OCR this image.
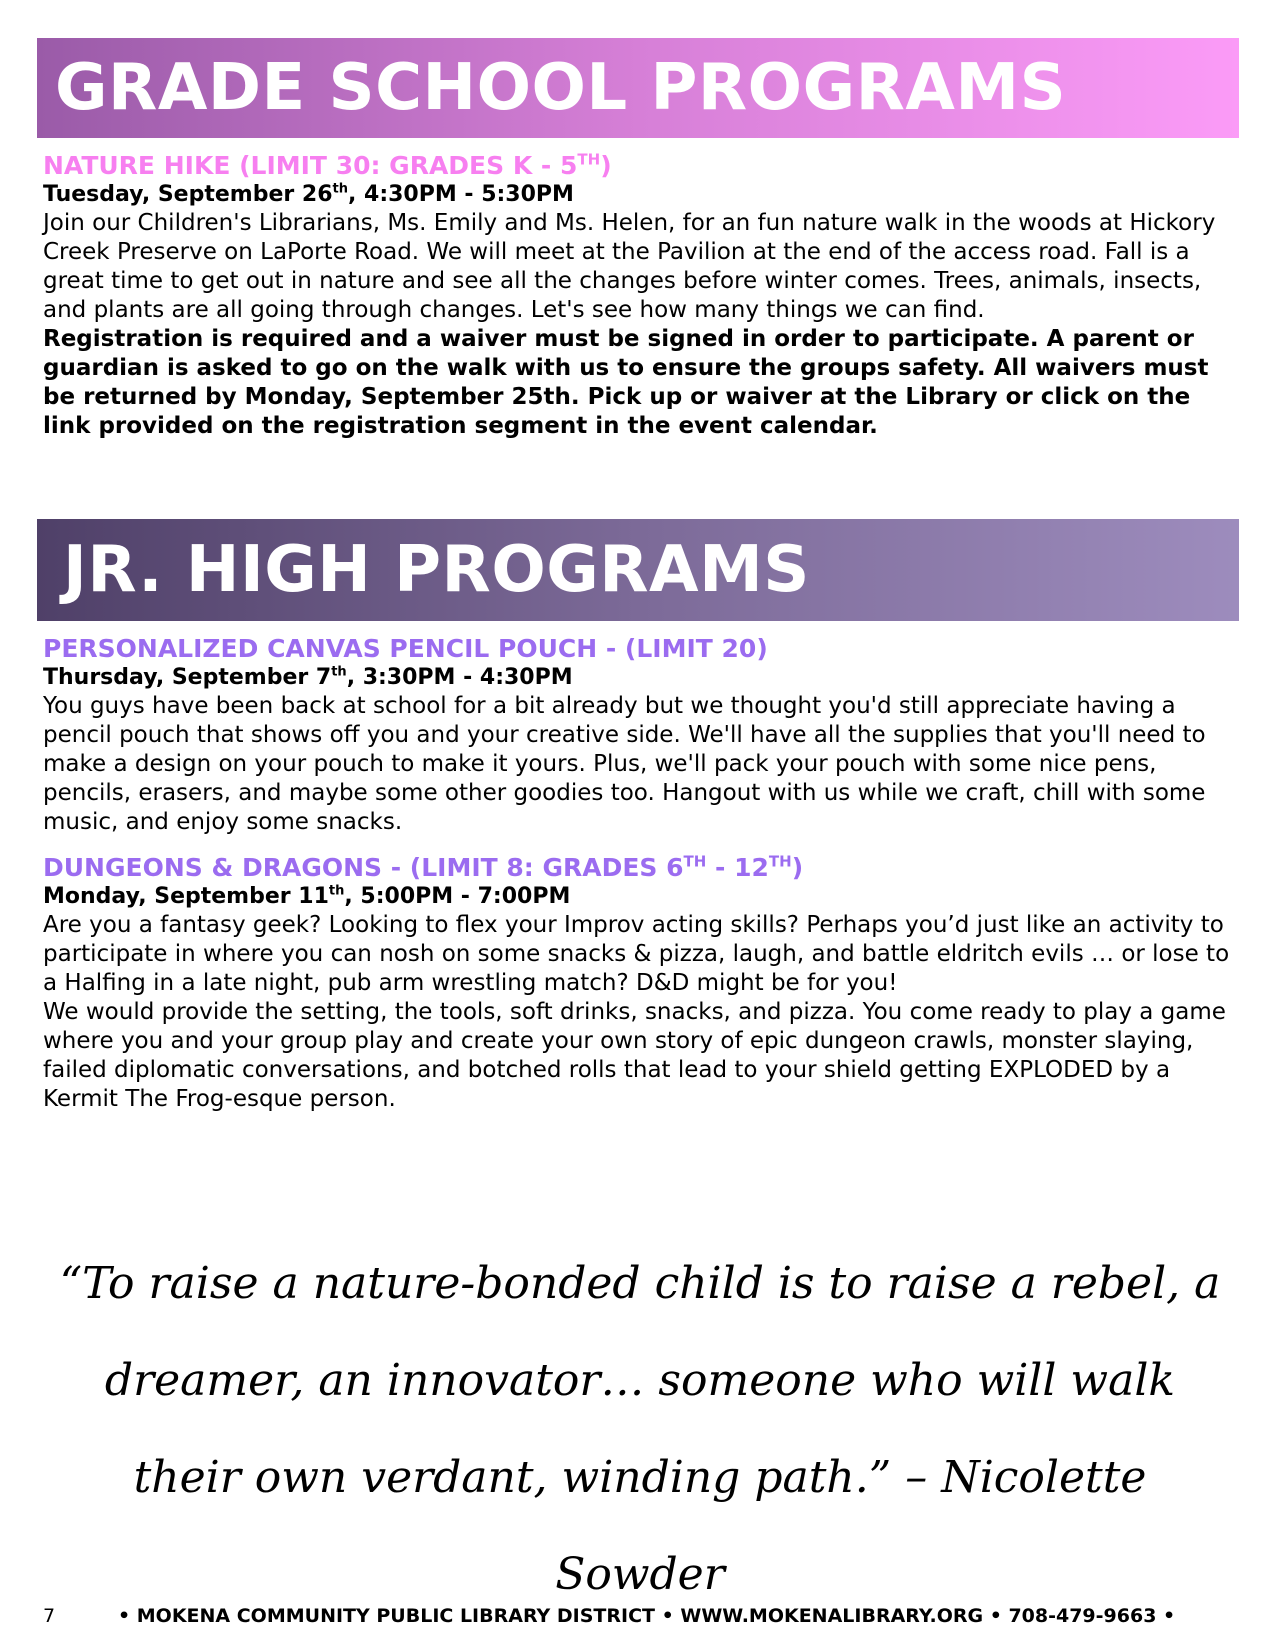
GRADE SCHOOL PROGRAMS
NATURE HIKE (LIMIT 30: GRADES K - 5TH)
Tuesday, September 26th, 4:30PM - 5:30PM

Join our Children's Librarians, Ms. Emily and Ms. Helen, for an fun nature walk in the woods at Hickory Creek Preserve on LaPorte Road. We will meet at the Pavilion at the end of the access road. Fall is a great time to get out in nature and see all the changes before winter comes. Trees, animals, insects, and plants are all going through changes. Let's see how many things we can find.

Registration is required and a waiver must be signed in order to participate. A parent or guardian is asked to go on the walk with us to ensure the groups safety. All waivers must be returned by Monday, September 25th. Pick up or waiver at the Library or click on the link provided on the registration segment in the event calendar.

JR. HIGH PROGRAMS
PERSONALIZED CANVAS PENCIL POUCH - (LIMIT 20)
Thursday, September 7th, 3:30PM - 4:30PM

You guys have been back at school for a bit already but we thought you'd still appreciate having a pencil pouch that shows off you and your creative side. We'll have all the supplies that you'll need to make a design on your pouch to make it yours. Plus, we'll pack your pouch with some nice pens, pencils, erasers, and maybe some other goodies too. Hangout with us while we craft, chill with some music, and enjoy some snacks.

DUNGEONS & DRAGONS - (LIMIT 8: GRADES 6TH - 12TH)
Monday, September 11th, 5:00PM - 7:00PM

Are you a fantasy geek? Looking to flex your Improv acting skills? Perhaps you’d just like an activity to participate in where you can nosh on some snacks & pizza, laugh, and battle eldritch evils … or lose to a Halfing in a late night, pub arm wrestling match? D&D might be for you!

We would provide the setting, the tools, soft drinks, snacks, and pizza. You come ready to play a game where you and your group play and create your own story of epic dungeon crawls, monster slaying, failed diplomatic conversations, and botched rolls that lead to your shield getting EXPLODED by a Kermit The Frog-esque person.

“To raise a nature-bonded child is to raise a rebel, a dreamer, an innovator… someone who will walk their own verdant, winding path.” – Nicolette Sowder
7	• MOKENA COMMUNITY PUBLIC LIBRARY DISTRICT • WWW.MOKENALIBRARY.ORG • 708-479-9663 •
